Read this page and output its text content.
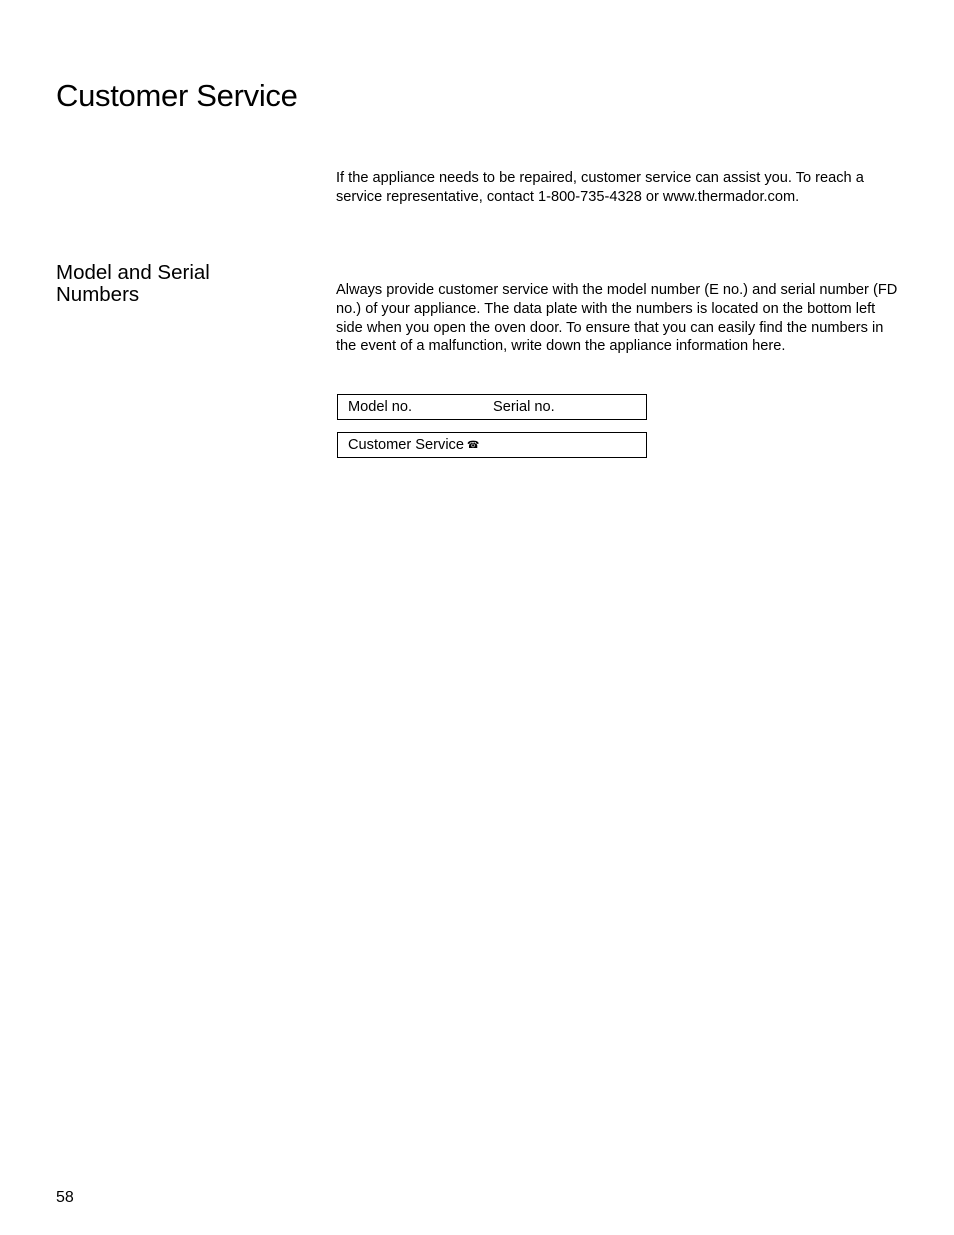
Customer Service

If the appliance needs to be repaired, customer service can assist you. To reach a service representative, contact 1-800-735-4328 or www.thermador.com.

Model and Serial Numbers	Always provide customer service with the model number (E no.) and serial number (FD no.) of your appliance. The data plate with the numbers is located on the bottom left side when you open the oven door. To ensure that you can easily find the numbers in the event of a malfunction, write down the appliance information here.

Model no.	Serial no.
Customer Service ☎
58
